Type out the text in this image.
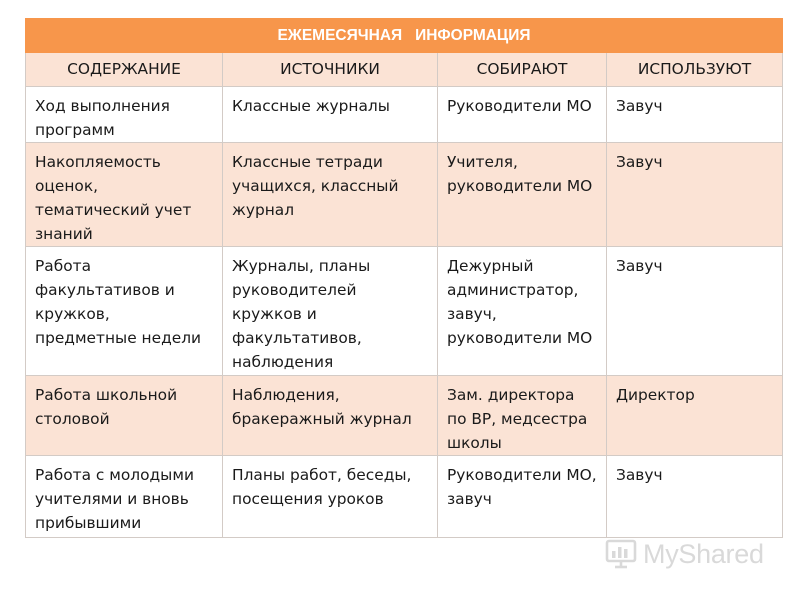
ЕЖЕМЕСЯЧНАЯ   ИНФОРМАЦИЯ			
СОДЕРЖАНИЕ	ИСТОЧНИКИ	СОБИРАЮТ	ИСПОЛЬЗУЮТ
Ход выполнения программ	Классные журналы	Руководители МО	Завуч
Накопляемость оценок, тематический учет знаний	Классные тетради учащихся, классный журнал	Учителя, руководители МО	Завуч
Работа факультативов и кружков, предметные недели	Журналы, планы руководителей кружков и факультативов, наблюдения	Дежурный администратор, завуч, руководители МО	Завуч
Работа школьной столовой	Наблюдения, бракеражный журнал	Зам. директора по ВР, медсестра школы	Директор
Работа с молодыми учителями и вновь прибывшими	Планы работ, беседы, посещения уроков	Руководители МО, завуч	Завуч
MyShared
